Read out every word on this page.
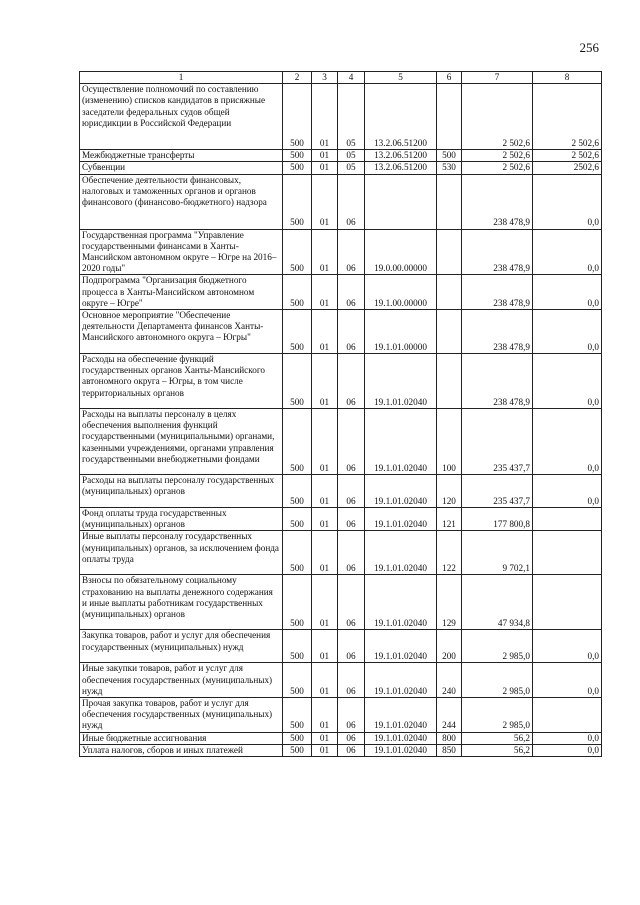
256
1	2	3	4	5	6	7	8
Осуществление полномочий по составлению (изменению) списков кандидатов в присяжные заседатели федеральных судов общей юрисдикции в Российской Федерации	500	01	05	13.2.06.51200		2 502,6	2 502,6
Межбюджетные трансферты	500	01	05	13.2.06.51200	500	2 502,6	2 502,6
Субвенции	500	01	05	13.2.06.51200	530	2 502,6	2502,6
Обеспечение деятельности финансовых, налоговых и таможенных органов и органов финансового (финансово-бюджетного) надзора	500	01	06			238 478,9	0,0
Государственная программа "Управление государственными финансами в Ханты-Мансийском автономном округе – Югре на 2016–2020 годы"	500	01	06	19.0.00.00000		238 478,9	0,0
Подпрограмма "Организация бюджетного процесса в Ханты-Мансийском автономном округе – Югре"	500	01	06	19.1.00.00000		238 478,9	0,0
Основное мероприятие "Обеспечение деятельности Департамента финансов Ханты-Мансийского автономного округа – Югры"	500	01	06	19.1.01.00000		238 478,9	0,0
Расходы на обеспечение функций государственных органов Ханты-Мансийского автономного округа – Югры, в том числе территориальных органов	500	01	06	19.1.01.02040		238 478,9	0,0
Расходы на выплаты персоналу в целях обеспечения выполнения функций государственными (муниципальными) органами, казенными учреждениями, органами управления государственными внебюджетными фондами	500	01	06	19.1.01.02040	100	235 437,7	0,0
Расходы на выплаты персоналу государственных (муниципальных) органов	500	01	06	19.1.01.02040	120	235 437,7	0,0
Фонд оплаты труда государственных (муниципальных) органов	500	01	06	19.1.01.02040	121	177 800,8	
Иные выплаты персоналу государственных (муниципальных) органов, за исключением фонда оплаты труда	500	01	06	19.1.01.02040	122	9 702,1	
Взносы по обязательному социальному страхованию на выплаты денежного содержания и иные выплаты работникам государственных (муниципальных) органов	500	01	06	19.1.01.02040	129	47 934,8	
Закупка товаров, работ и услуг для обеспечения государственных (муниципальных) нужд	500	01	06	19.1.01.02040	200	2 985,0	0,0
Иные закупки товаров, работ и услуг для обеспечения государственных (муниципальных) нужд	500	01	06	19.1.01.02040	240	2 985,0	0,0
Прочая закупка товаров, работ и услуг для обеспечения государственных (муниципальных) нужд	500	01	06	19.1.01.02040	244	2 985,0	
Иные бюджетные ассигнования	500	01	06	19.1.01.02040	800	56,2	0,0
Уплата налогов, сборов и иных платежей	500	01	06	19.1.01.02040	850	56,2	0,0
